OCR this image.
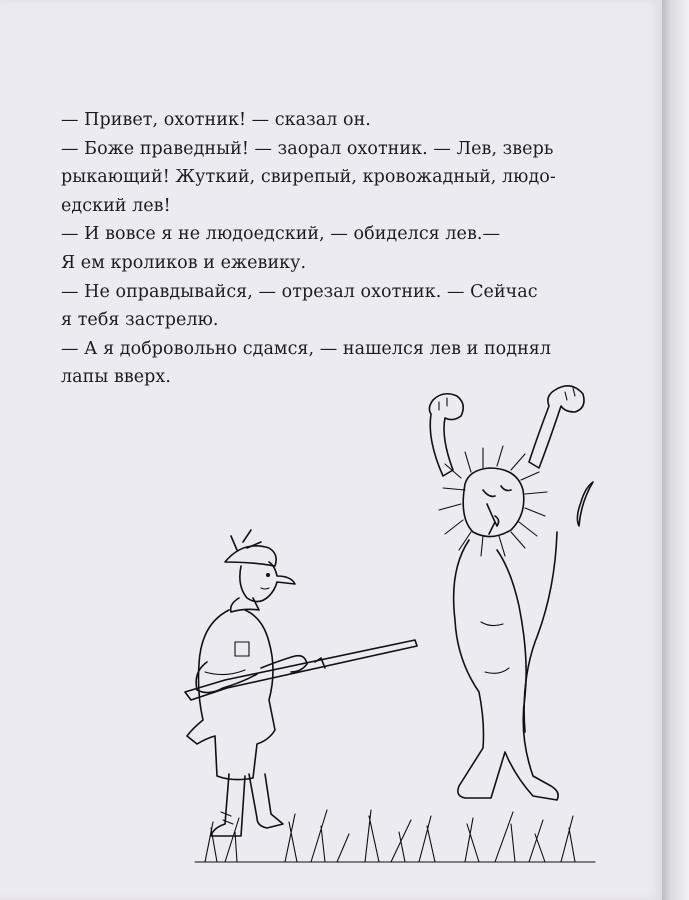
— Привет, охотник! — сказал он.

— Боже праведный! — заорал охотник. — Лев, зверь
рыкающий! Жуткий, свирепый, кровожадный, людо-
едский лев!

— И вовсе я не людоедский, — обиделся лев.—
Я ем кроликов и ежевику.

— Не оправдывайся, — отрезал охотник. — Сейчас
я тебя застрелю.

— А я добровольно сдамся, — нашелся лев и поднял
лапы вверх.
